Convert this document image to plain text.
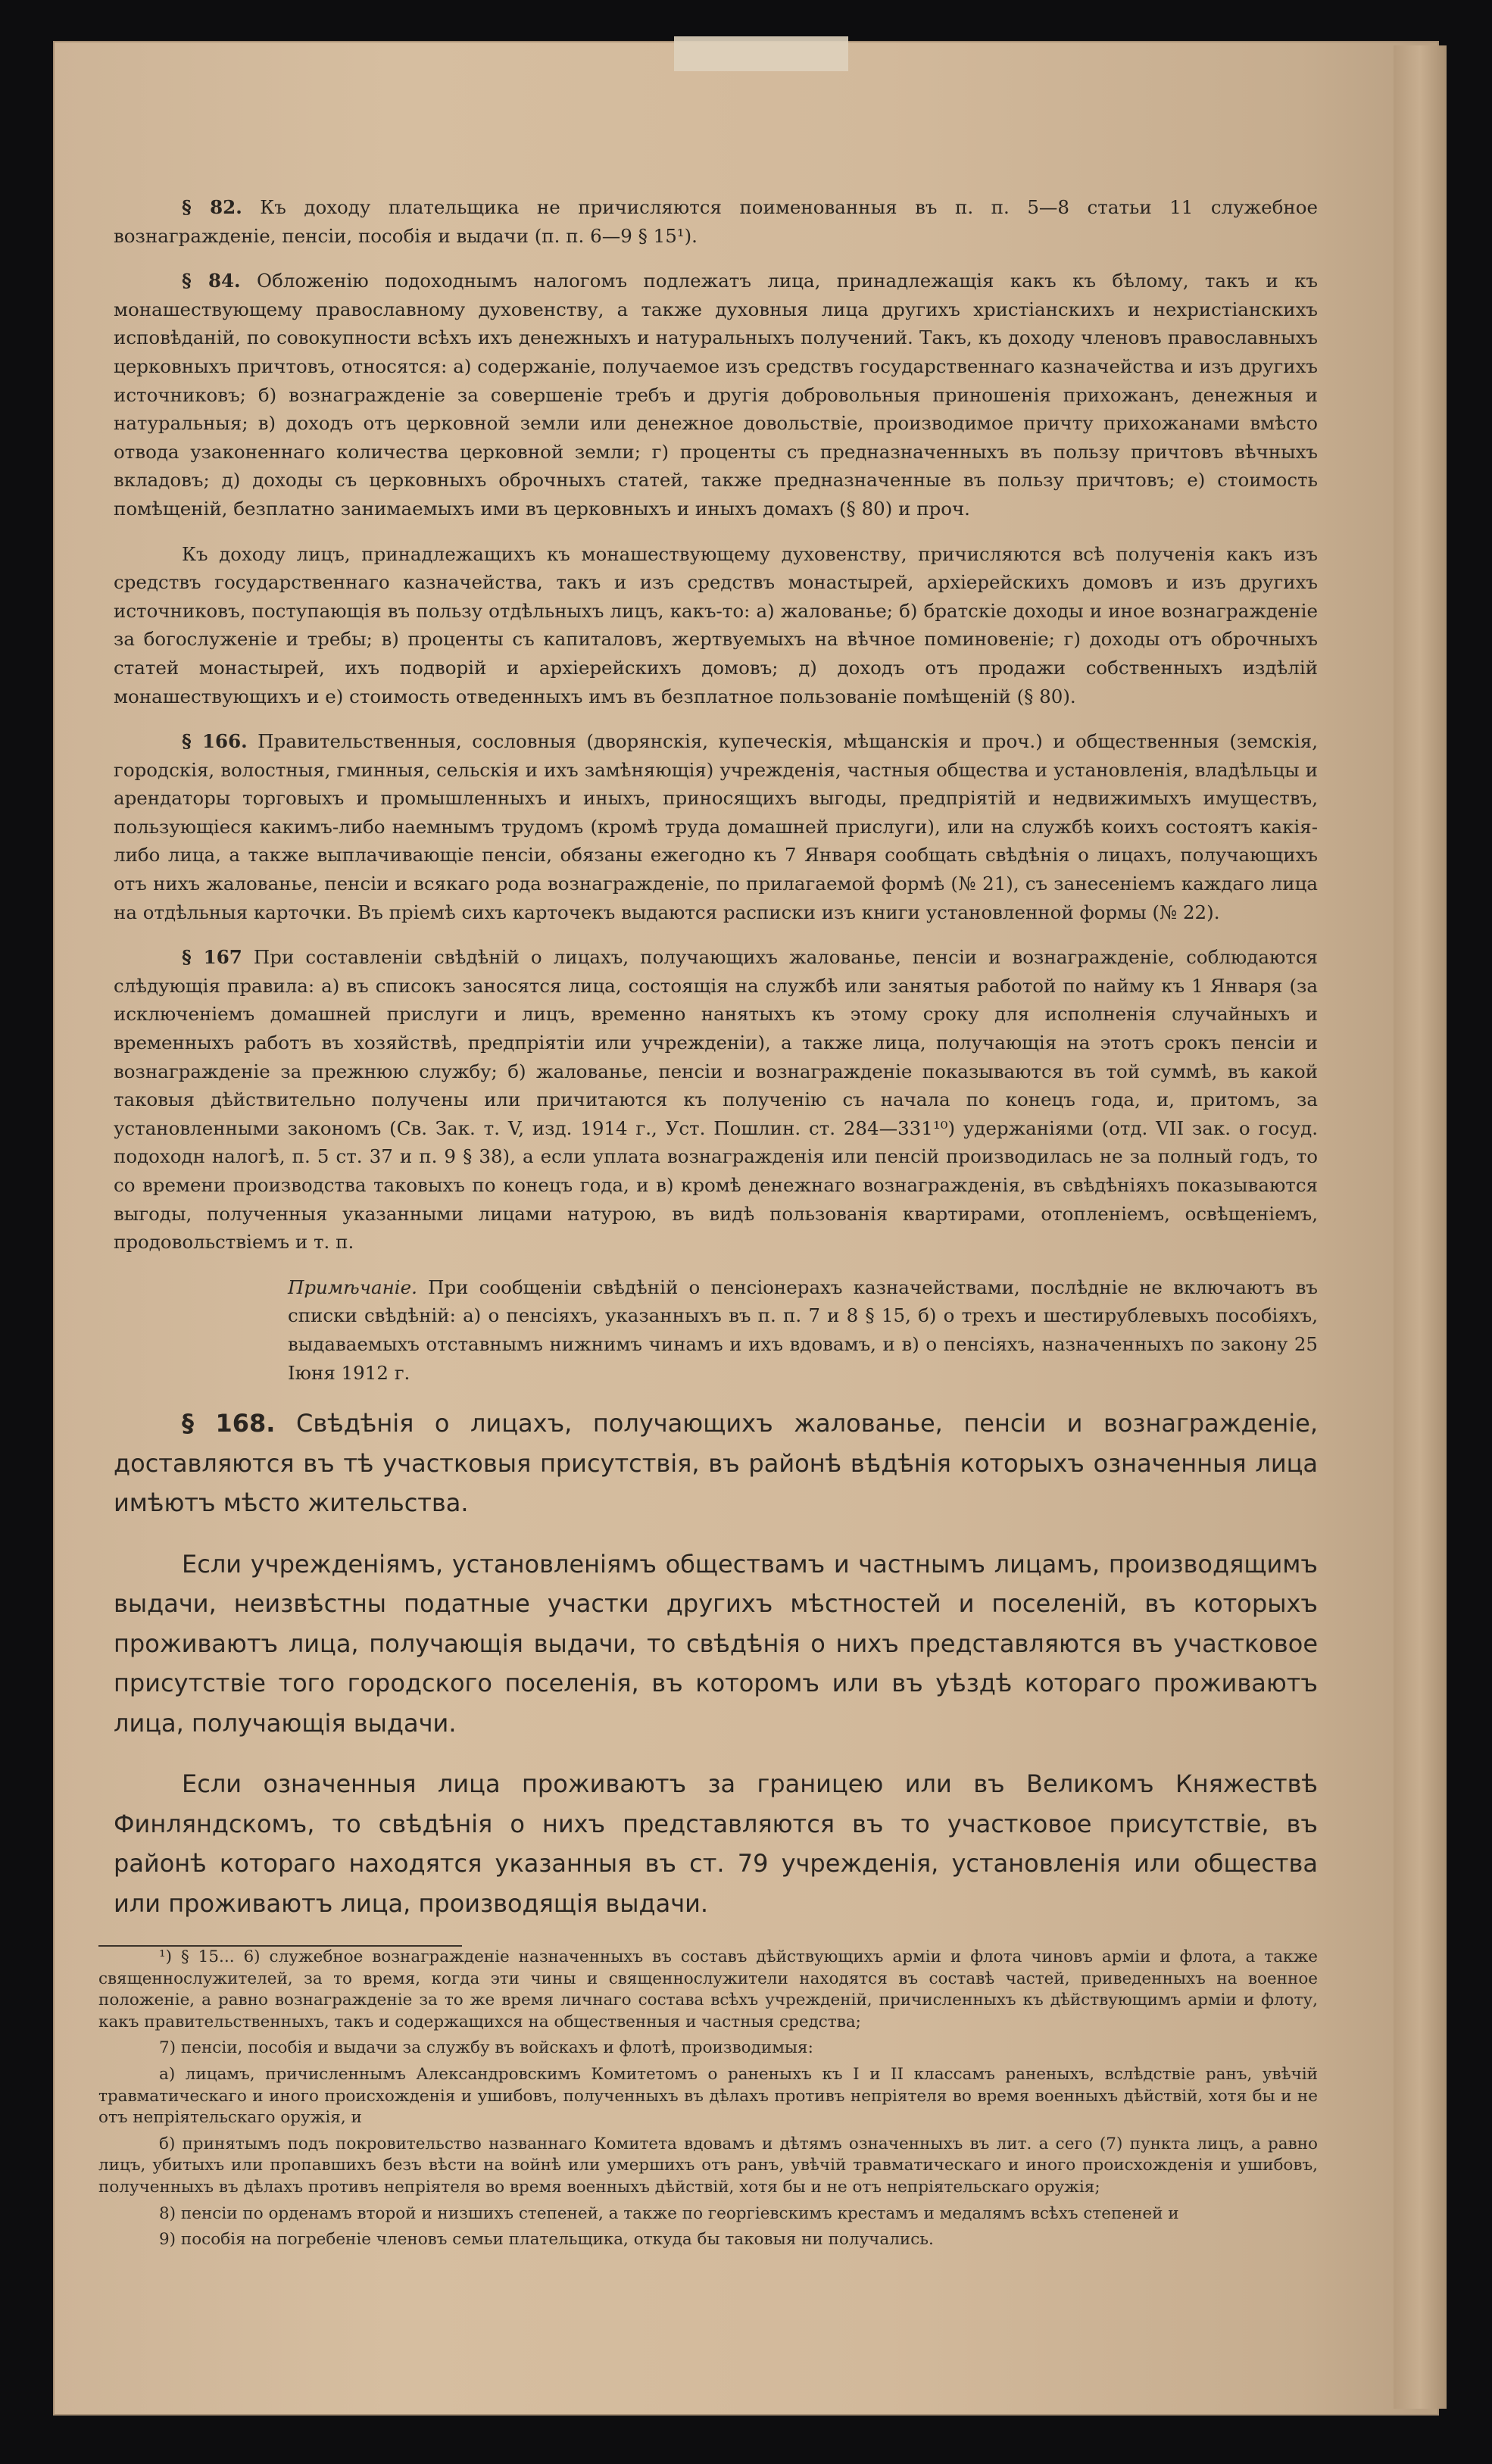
§ 82. Къ доходу плательщика не причисляются поименованныя въ п. п. 5—8 статьи 11 служебное вознагражденiе, пенсiи, пособiя и выдачи (п. п. 6—9 § 15¹).

§ 84. Обложенiю подоходнымъ налогомъ подлежатъ лица, принадлежащiя какъ къ бѣлому, такъ и къ монашествующему православному духовенству, а также духовныя лица другихъ христiанскихъ и нехристiанскихъ исповѣданiй, по совокупности всѣхъ ихъ денежныхъ и натуральныхъ получений. Такъ, къ доходу членовъ православныхъ церковныхъ причтовъ, относятся: а) содержанiе, получаемое изъ средствъ государственнаго казначейства и изъ другихъ источниковъ; б) вознагражденiе за совершенiе требъ и другiя добровольныя приношенiя прихожанъ, денежныя и натуральныя; в) доходъ отъ церковной земли или денежное довольствiе, производимое причту прихожанами вмѣсто отвода узаконеннаго количества церковной земли; г) проценты съ предназначенныхъ въ пользу причтовъ вѣчныхъ вкладовъ; д) доходы съ церковныхъ оброчныхъ статей, также предназначенные въ пользу причтовъ; е) стоимость помѣщенiй, безплатно занимаемыхъ ими въ церковныхъ и иныхъ домахъ (§ 80) и проч.

Къ доходу лицъ, принадлежащихъ къ монашествующему духовенству, причисляются всѣ полученiя какъ изъ средствъ государственнаго казначейства, такъ и изъ средствъ монастырей, архiерейскихъ домовъ и изъ другихъ источниковъ, поступающiя въ пользу отдѣльныхъ лицъ, какъ-то: а) жалованье; б) братскiе доходы и иное вознагражденiе за богослуженiе и требы; в) проценты съ капиталовъ, жертвуемыхъ на вѣчное поминовенiе; г) доходы отъ оброчныхъ статей монастырей, ихъ подворiй и архiерейскихъ домовъ; д) доходъ отъ продажи собственныхъ издѣлiй монашествующихъ и е) стоимость отведенныхъ имъ въ безплатное пользованiе помѣщенiй (§ 80).

§ 166. Правительственныя, сословныя (дворянскiя, купеческiя, мѣщанскiя и проч.) и общественныя (земскiя, городскiя, волостныя, гминныя, сельскiя и ихъ замѣняющiя) учрежденiя, частныя общества и установленiя, владѣльцы и арендаторы торговыхъ и промышленныхъ и иныхъ, приносящихъ выгоды, предпрiятiй и недвижимыхъ имуществъ, пользующiеся какимъ-либо наемнымъ трудомъ (кромѣ труда домашней прислуги), или на службѣ коихъ состоятъ какiя-либо лица, а также выплачивающiе пенсiи, обязаны ежегодно къ 7 Января сообщать свѣдѣнiя о лицахъ, получающихъ отъ нихъ жалованье, пенсiи и всякаго рода вознагражденiе, по прилагаемой формѣ (№ 21), съ занесенiемъ каждаго лица на отдѣльныя карточки. Въ прiемѣ сихъ карточекъ выдаются расписки изъ книги установленной формы (№ 22).

§ 167 При составленiи свѣдѣнiй о лицахъ, получающихъ жалованье, пенсiи и вознагражденiе, соблюдаются слѣдующiя правила: а) въ списокъ заносятся лица, состоящiя на службѣ или занятыя работой по найму къ 1 Января (за исключенiемъ домашней прислуги и лицъ, временно нанятыхъ къ этому сроку для исполненiя случайныхъ и временныхъ работъ въ хозяйствѣ, предпрiятiи или учрежденiи), а также лица, получающiя на этотъ срокъ пенсiи и вознагражденiе за прежнюю службу; б) жалованье, пенсiи и вознагражденiе показываются въ той суммѣ, въ какой таковыя дѣйствительно получены или причитаются къ полученiю съ начала по конецъ года, и, притомъ, за установленными закономъ (Св. Зак. т. V, изд. 1914 г., Уст. Пошлин. ст. 284—331¹⁰) удержанiями (отд. VII зак. о госуд. подоходн налогѣ, п. 5 ст. 37 и п. 9 § 38), а если уплата вознагражденiя или пенсiй производилась не за полный годъ, то со времени производства таковыхъ по конецъ года, и в) кромѣ денежнаго вознагражденiя, въ свѣдѣнiяхъ показываются выгоды, полученныя указанными лицами натурою, въ видѣ пользованiя квартирами, отопленiемъ, освѣщенiемъ, продовольствiемъ и т. п.

Примѣчанiе. При сообщенiи свѣдѣнiй о пенсiонерахъ казначействами, послѣднiе не включаютъ въ списки свѣдѣнiй: а) о пенсiяхъ, указанныхъ въ п. п. 7 и 8 § 15, б) о трехъ и шестирублевыхъ пособiяхъ, выдаваемыхъ отставнымъ нижнимъ чинамъ и ихъ вдовамъ, и в) о пенсiяхъ, назначенныхъ по закону 25 Iюня 1912 г.

§ 168. Свѣдѣнiя о лицахъ, получающихъ жалованье, пенсiи и вознагражденiе, доставляются въ тѣ участковыя присутствiя, въ районѣ вѣдѣнiя которыхъ означенныя лица имѣютъ мѣсто жительства.

Если учрежденiямъ, установленiямъ обществамъ и частнымъ лицамъ, производящимъ выдачи, неизвѣстны податные участки другихъ мѣстностей и поселенiй, въ которыхъ проживаютъ лица, получающiя выдачи, то свѣдѣнiя о нихъ представляются въ участковое присутствiе того городского поселенiя, въ которомъ или въ уѣздѣ котораго проживаютъ лица, получающiя выдачи.

Если означенныя лица проживаютъ за границею или въ Великомъ Княжествѣ Финляндскомъ, то свѣдѣнiя о нихъ представляются въ то участковое присутствiе, въ районѣ котораго находятся указанныя въ ст. 79 учрежденiя, установленiя или общества или проживаютъ лица, производящiя выдачи.

¹) § 15... 6) служебное вознагражденiе назначенныхъ въ составъ дѣйствующихъ армiи и флота чиновъ армiи и флота, а также священнослужителей, за то время, когда эти чины и священнослужители находятся въ составѣ частей, приведенныхъ на военное положенiе, а равно вознагражденiе за то же время личнаго состава всѣхъ учрежденiй, причисленныхъ къ дѣйствующимъ армiи и флоту, какъ правительственныхъ, такъ и содержащихся на общественныя и частныя средства;

7) пенсiи, пособiя и выдачи за службу въ войскахъ и флотѣ, производимыя:

а) лицамъ, причисленнымъ Александровскимъ Комитетомъ о раненыхъ къ I и II классамъ раненыхъ, вслѣдствiе ранъ, увѣчiй травматическаго и иного происхожденiя и ушибовъ, полученныхъ въ дѣлахъ противъ непрiятеля во время военныхъ дѣйствiй, хотя бы и не отъ непрiятельскаго оружiя, и

б) принятымъ подъ покровительство названнаго Комитета вдовамъ и дѣтямъ означенныхъ въ лит. а сего (7) пункта лицъ, а равно лицъ, убитыхъ или пропавшихъ безъ вѣсти на войнѣ или умершихъ отъ ранъ, увѣчiй травматическаго и иного происхожденiя и ушибовъ, полученныхъ въ дѣлахъ противъ непрiятеля во время военныхъ дѣйствiй, хотя бы и не отъ непрiятельскаго оружiя;

8) пенсiи по орденамъ второй и низшихъ степеней, а также по георгiевскимъ крестамъ и медалямъ всѣхъ степеней и

9) пособiя на погребенiе членовъ семьи плательщика, откуда бы таковыя ни получались.
